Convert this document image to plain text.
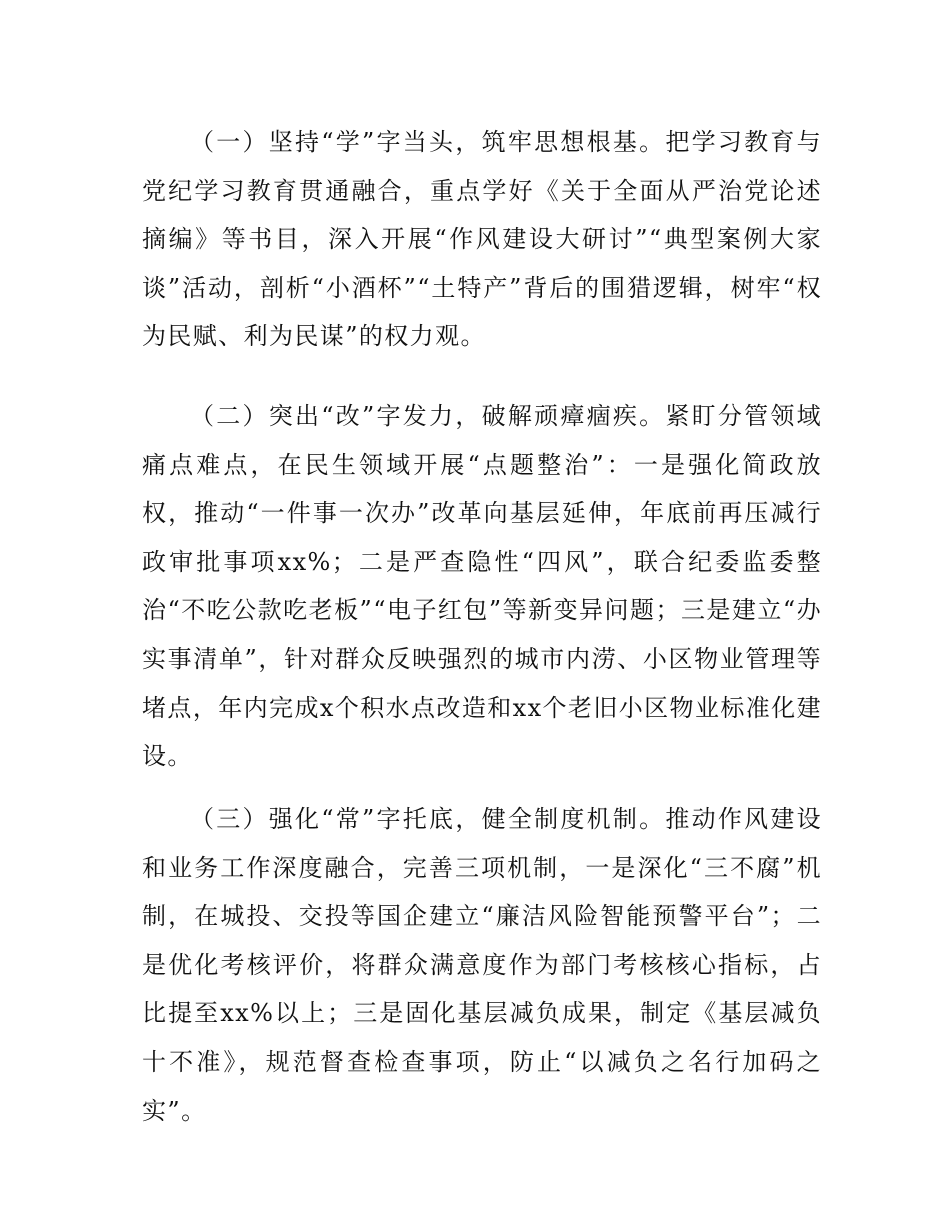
（一）坚持“学”字当头，筑牢思想根基。把学习教育与党纪学习教育贯通融合，重点学好《关于全面从严治党论述摘编》等书目，深入开展“作风建设大研讨”“典型案例大家谈”活动，剖析“小酒杯”“土特产”背后的围猎逻辑，树牢“权为民赋、利为民谋”的权力观。

（二）突出“改”字发力，破解顽瘴痼疾。紧盯分管领域痛点难点，在民生领域开展“点题整治”：一是强化简政放权，推动“一件事一次办”改革向基层延伸，年底前再压减行政审批事项xx%；二是严查隐性“四风”，联合纪委监委整治“不吃公款吃老板”“电子红包”等新变异问题；三是建立“办实事清单”，针对群众反映强烈的城市内涝、小区物业管理等堵点，年内完成x个积水点改造和xx个老旧小区物业标准化建设。

（三）强化“常”字托底，健全制度机制。推动作风建设和业务工作深度融合，完善三项机制，一是深化“三不腐”机制，在城投、交投等国企建立“廉洁风险智能预警平台”；二是优化考核评价，将群众满意度作为部门考核核心指标，占比提至xx%以上；三是固化基层减负成果，制定《基层减负十不准》，规范督查检查事项，防止“以减负之名行加码之实”。
